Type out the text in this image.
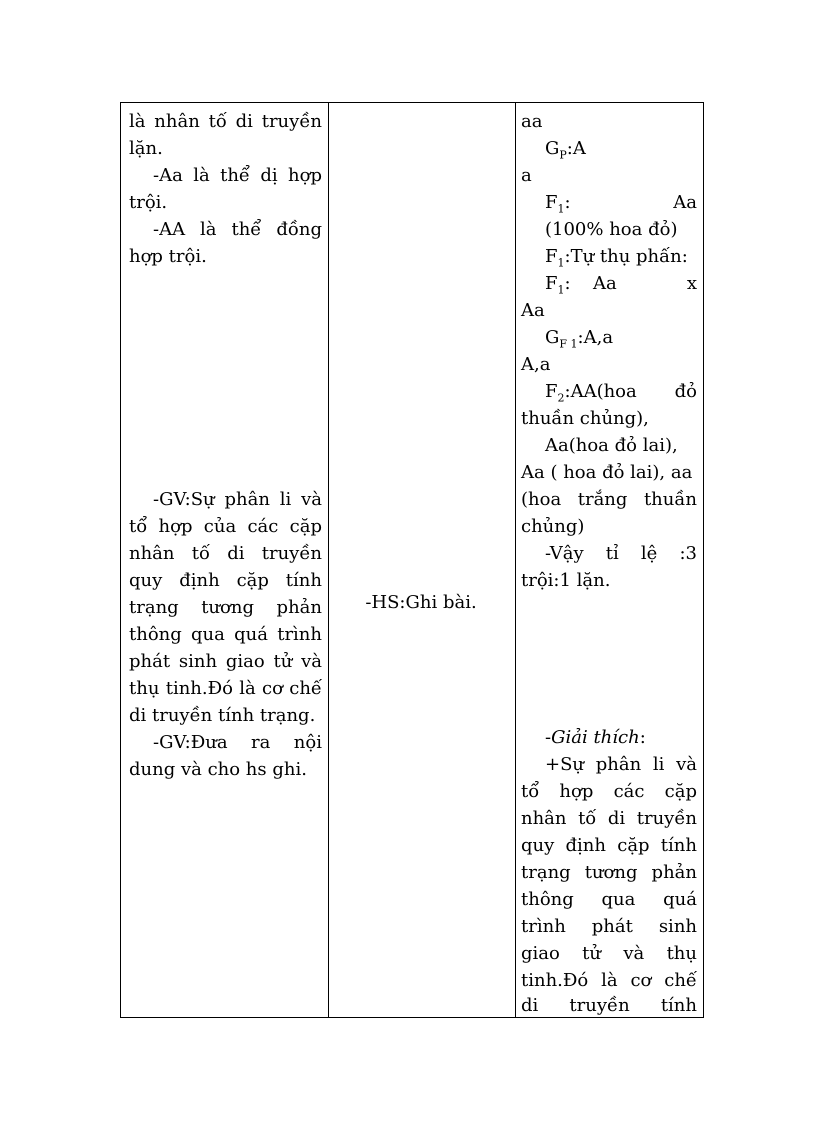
là nhân tố di truyền
lặn.
-Aa là thể dị hợp
trội.
-AA là thể đồng
hợp trội.
-GV:Sự phân li và
tổ hợp của các cặp
nhân tố di truyền
quy định cặp tính
trạng tương phản
thông qua quá trình
phát sinh giao tử và
thụ tinh.Đó là cơ chế
di truyền tính trạng.
-GV:Đưa ra nội
dung và cho hs ghi.
-HS:Ghi bài.
aa
$G_P:A$
a
$F_1$:	Aa
(100% hoa đỏ)
$F_1:Tự$ thụ phấn:
$F_1$: Aa	x
Aa
$G_{F 1}:A,a$
A,a
$F_2:AA(hoa$ đỏ
thuần chủng),
Aa(hoa đỏ lai),
Aa ( hoa đỏ lai), aa
(hoa trắng thuần
chủng)
-Vậy tỉ lệ :3
trội:1 lặn.
-Giải thích:
+Sự phân li và
tổ hợp các cặp
nhân tố di truyền
quy định cặp tính
trạng tương phản
thông qua quá
trình phát sinh
giao tử và thụ
tinh.Đó là cơ chế
di truyền tính
